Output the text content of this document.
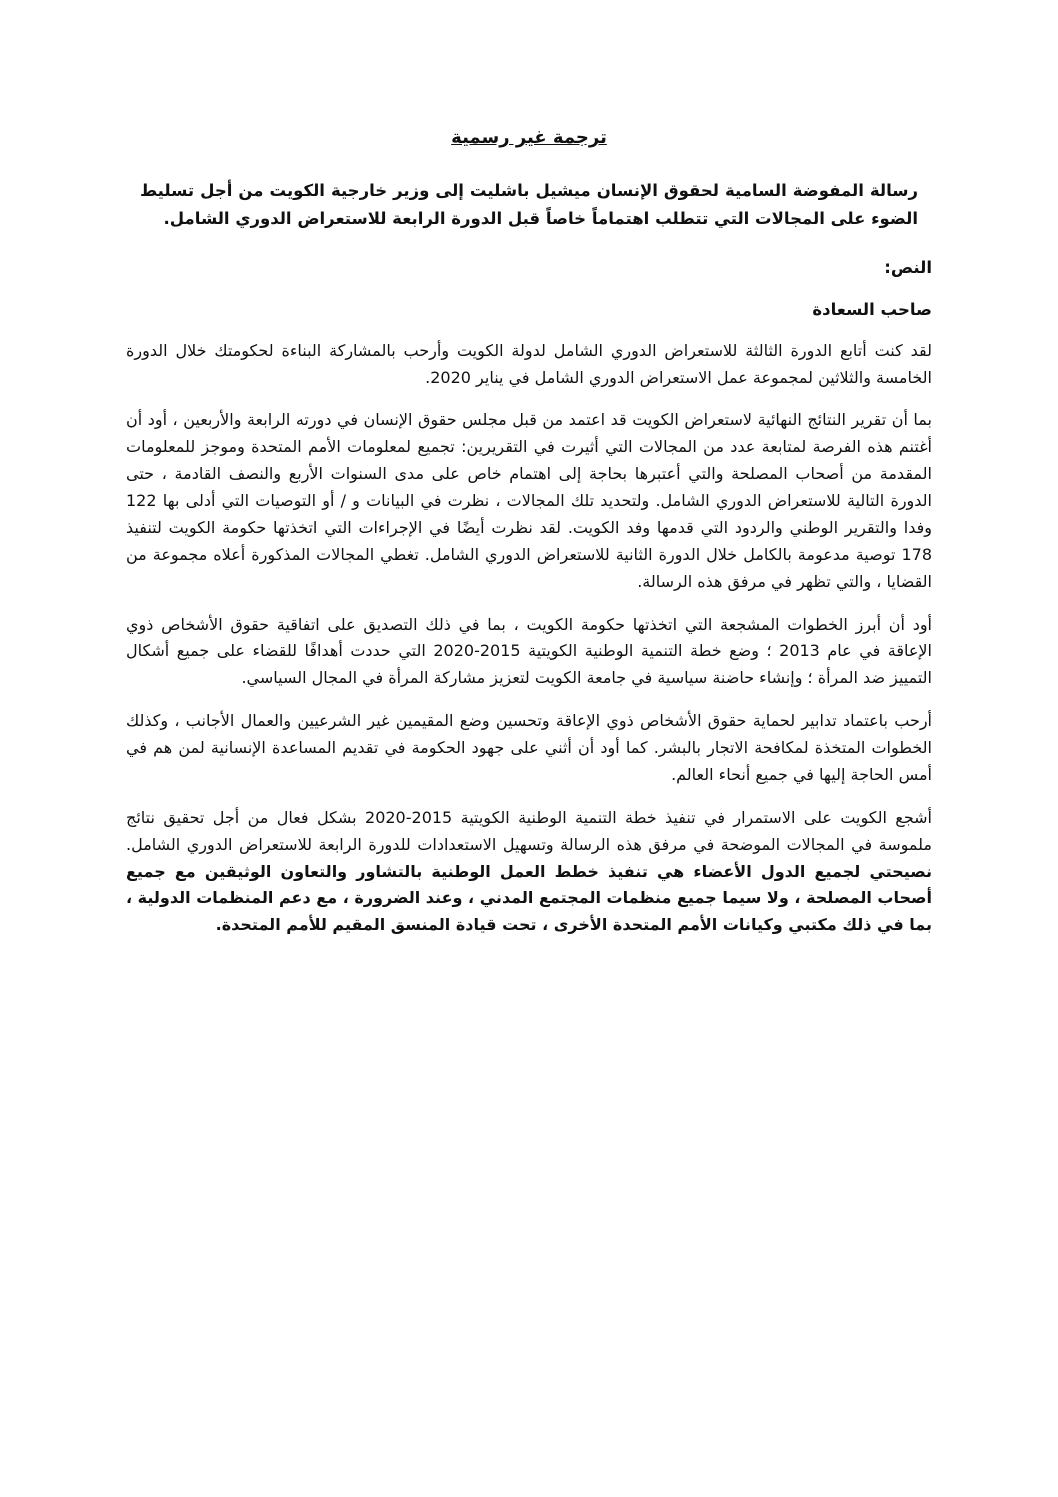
ترجمة غير رسمية
رسالة المفوضة السامية لحقوق الإنسان ميشيل باشليت إلى وزير خارجية الكويت من أجل تسليط الضوء على المجالات التي تتطلب اهتماماً خاصاً قبل الدورة الرابعة للاستعراض الدوري الشامل.
النص:
صاحب السعادة

لقد كنت أتابع الدورة الثالثة للاستعراض الدوري الشامل لدولة الكويت وأرحب بالمشاركة البناءة لحكومتك خلال الدورة الخامسة والثلاثين لمجموعة عمل الاستعراض الدوري الشامل في يناير 2020.

بما أن تقرير النتائج النهائية لاستعراض الكويت قد اعتمد من قبل مجلس حقوق الإنسان في دورته الرابعة والأربعين ، أود أن أغتنم هذه الفرصة لمتابعة عدد من المجالات التي أثيرت في التقريرين: تجميع لمعلومات الأمم المتحدة وموجز للمعلومات المقدمة من أصحاب المصلحة والتي أعتبرها بحاجة إلى اهتمام خاص على مدى السنوات الأربع والنصف القادمة ، حتى الدورة التالية للاستعراض الدوري الشامل. ولتحديد تلك المجالات ، نظرت في البيانات و / أو التوصيات التي أدلى بها 122 وفدا والتقرير الوطني والردود التي قدمها وفد الكويت. لقد نظرت أيضًا في الإجراءات التي اتخذتها حكومة الكويت لتنفيذ 178 توصية مدعومة بالكامل خلال الدورة الثانية للاستعراض الدوري الشامل. تغطي المجالات المذكورة أعلاه مجموعة من القضايا ، والتي تظهر في مرفق هذه الرسالة.

أود أن أبرز الخطوات المشجعة التي اتخذتها حكومة الكويت ، بما في ذلك التصديق على اتفاقية حقوق الأشخاص ذوي الإعاقة في عام 2013 ؛ وضع خطة التنمية الوطنية الكويتية 2015-2020 التي حددت أهدافًا للقضاء على جميع أشكال التمييز ضد المرأة ؛ وإنشاء حاضنة سياسية في جامعة الكويت لتعزيز مشاركة المرأة في المجال السياسي.

أرحب باعتماد تدابير لحماية حقوق الأشخاص ذوي الإعاقة وتحسين وضع المقيمين غير الشرعيين والعمال الأجانب ، وكذلك الخطوات المتخذة لمكافحة الاتجار بالبشر. كما أود أن أثني على جهود الحكومة في تقديم المساعدة الإنسانية لمن هم في أمس الحاجة إليها في جميع أنحاء العالم.

أشجع الكويت على الاستمرار في تنفيذ خطة التنمية الوطنية الكويتية 2015-2020 بشكل فعال من أجل تحقيق نتائج ملموسة في المجالات الموضحة في مرفق هذه الرسالة وتسهيل الاستعدادات للدورة الرابعة للاستعراض الدوري الشامل. نصيحتي لجميع الدول الأعضاء هي تنفيذ خطط العمل الوطنية بالتشاور والتعاون الوثيقين مع جميع أصحاب المصلحة ، ولا سيما جميع منظمات المجتمع المدني ، وعند الضرورة ، مع دعم المنظمات الدولية ، بما في ذلك مكتبي وكيانات الأمم المتحدة الأخرى ، تحت قيادة المنسق المقيم للأمم المتحدة.
